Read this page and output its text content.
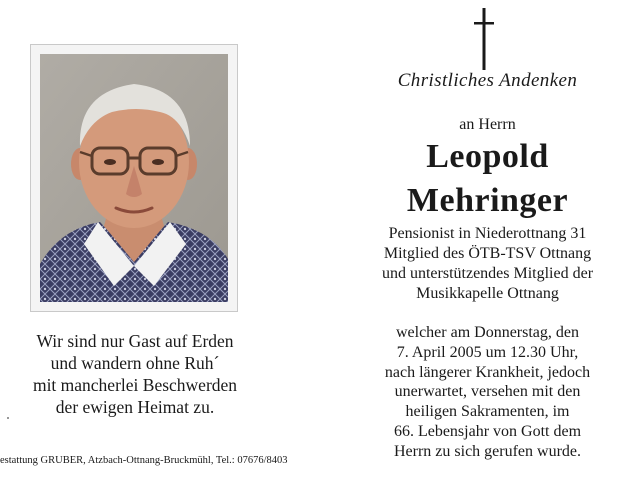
Wir sind nur Gast auf Erden
und wandern ohne Ruh´
mit mancherlei Beschwerden
der ewigen Heimat zu.
estattung GRUBER, Atzbach-Ottnang-Bruckmühl, Tel.: 07676/8403
Christliches Andenken
an Herrn
Leopold
Mehringer
Pensionist in Niederottnang 31
Mitglied des ÖTB-TSV Ottnang
und unterstützendes Mitglied der
Musikkapelle Ottnang
welcher am Donnerstag, den
7. April 2005 um 12.30 Uhr,
nach längerer Krankheit, jedoch
unerwartet, versehen mit den
heiligen Sakramenten, im
66. Lebensjahr von Gott dem
Herrn zu sich gerufen wurde.
